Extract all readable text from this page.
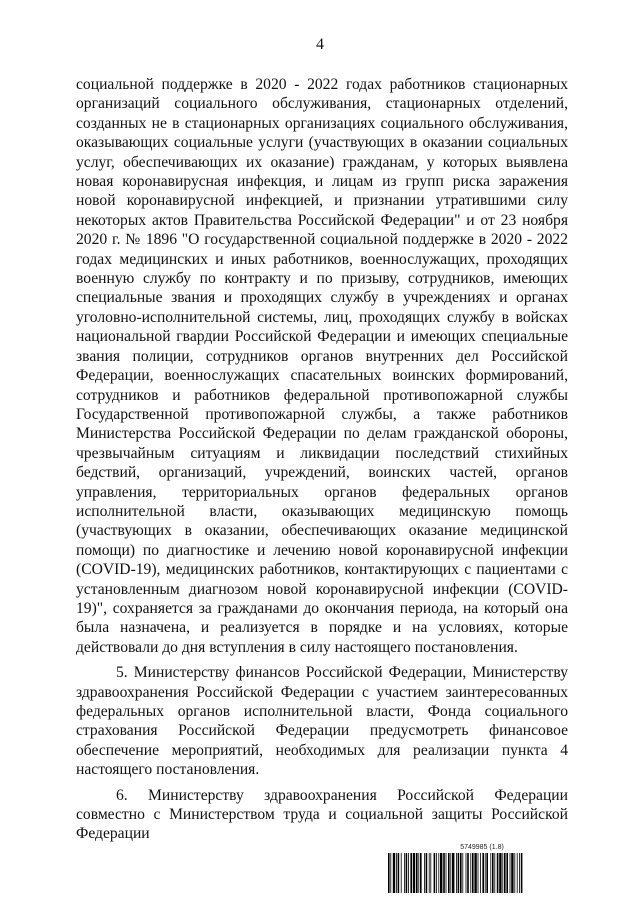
4

социальной поддержке в 2020 - 2022 годах работников стационарных организаций социального обслуживания, стационарных отделений, созданных не в стационарных организациях социального обслуживания, оказывающих социальные услуги (участвующих в оказании социальных услуг, обеспечивающих их оказание) гражданам, у которых выявлена новая коронавирусная инфекция, и лицам из групп риска заражения новой коронавирусной инфекцией, и признании утратившими силу некоторых актов Правительства Российской Федерации" и от 23 ноября 2020 г. № 1896 "О государственной социальной поддержке в 2020 - 2022 годах медицинских и иных работников, военнослужащих, проходящих военную службу по контракту и по призыву, сотрудников, имеющих специальные звания и проходящих службу в учреждениях и органах уголовно-исполнительной системы, лиц, проходящих службу в войсках национальной гвардии Российской Федерации и имеющих специальные звания полиции, сотрудников органов внутренних дел Российской Федерации, военнослужащих спасательных воинских формирований, сотрудников и работников федеральной противопожарной службы Государственной противопожарной службы, а также работников Министерства Российской Федерации по делам гражданской обороны, чрезвычайным ситуациям и ликвидации последствий стихийных бедствий, организаций, учреждений, воинских частей, органов управления, территориальных органов федеральных органов исполнительной власти, оказывающих медицинскую помощь (участвующих в оказании, обеспечивающих оказание медицинской помощи) по диагностике и лечению новой коронавирусной инфекции (COVID-19), медицинских работников, контактирующих с пациентами с установленным диагнозом новой коронавирусной инфекции (COVID-19)", сохраняется за гражданами до окончания периода, на который она была назначена, и реализуется в порядке и на условиях, которые действовали до дня вступления в силу настоящего постановления.

5. Министерству финансов Российской Федерации, Министерству здравоохранения Российской Федерации с участием заинтересованных федеральных органов исполнительной власти, Фонда социального страхования Российской Федерации предусмотреть финансовое обеспечение мероприятий, необходимых для реализации пункта 4 настоящего постановления.

6. Министерству здравоохранения Российской Федерации совместно с Министерством труда и социальной защиты Российской Федерации

5749985 (1.8)
